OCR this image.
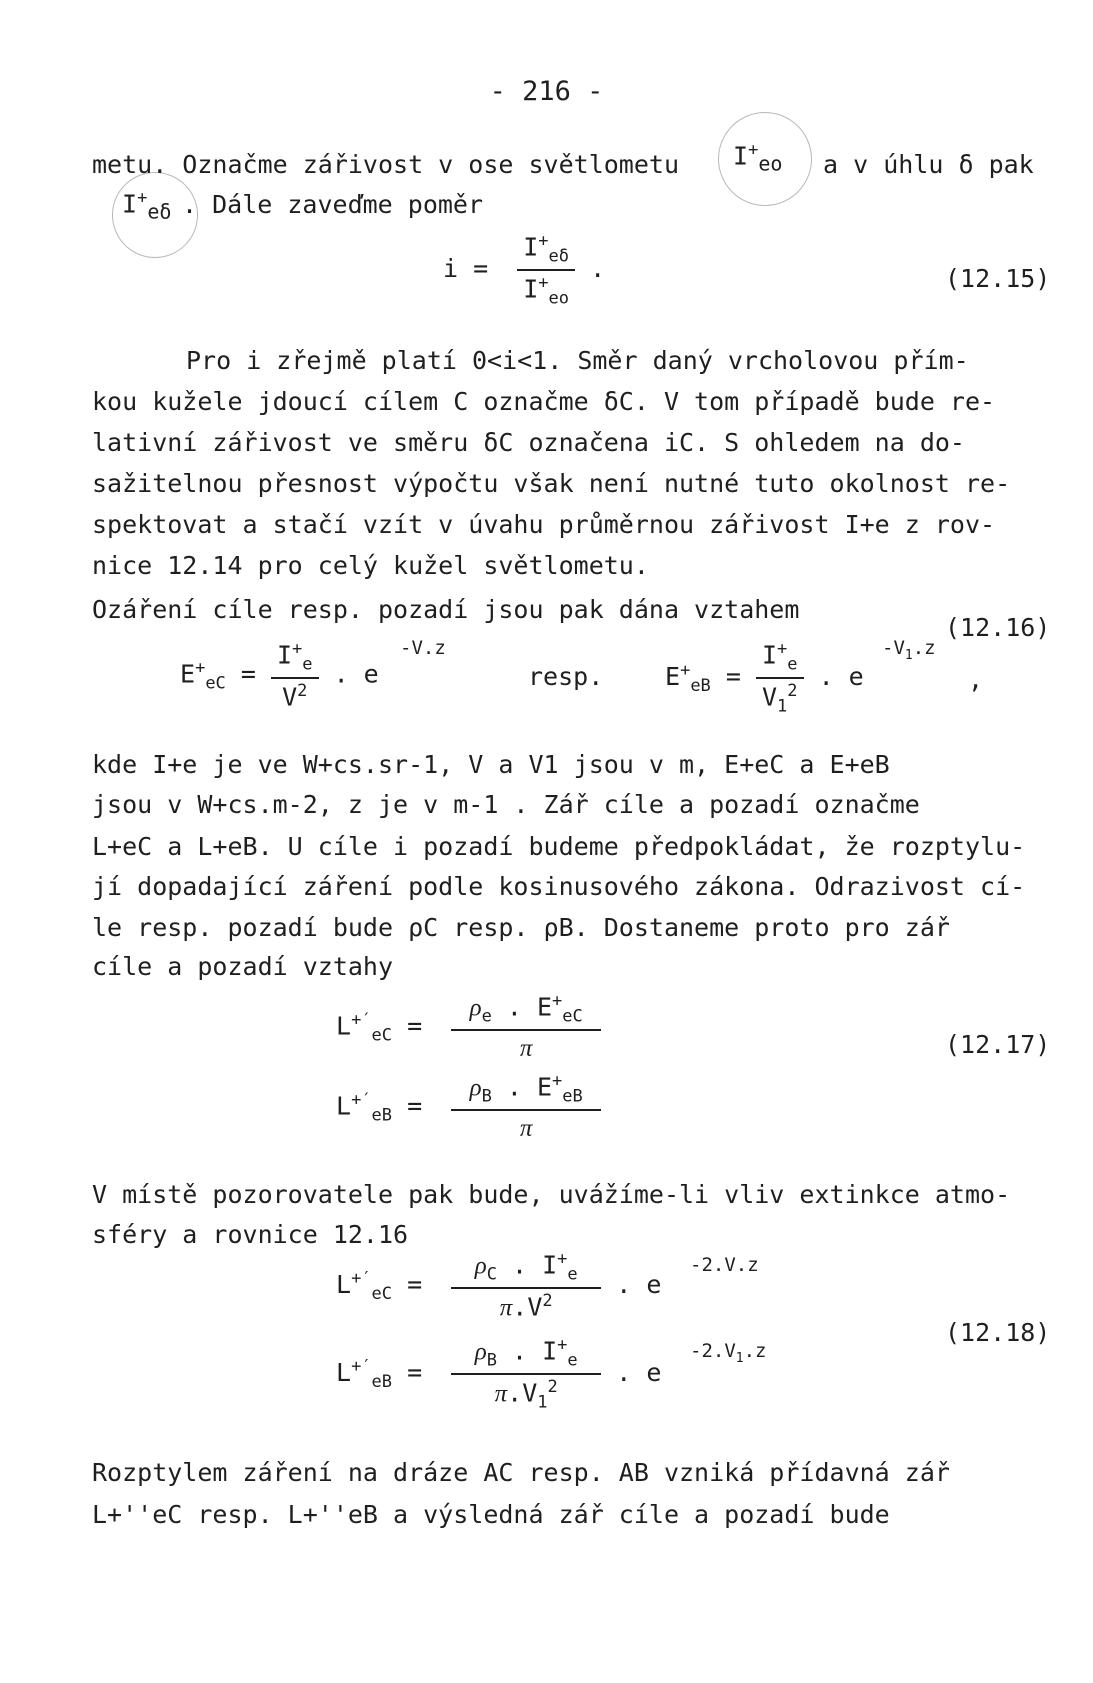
- 216 -
metu. Označme zářivost v ose světlometu $I^+_{eo}$ a v úhlu δ pak
$I^+_{e\delta}$ . Dále zaveďme poměr
$i = \frac{I^+_{e\delta}}{I^+_{eo}}$ .	(12.15)
Pro i zřejmě platí 0<i<1. Směr daný vrcholovou přím-
kou kužele jdoucí cílem C označme δC. V tom případě bude re-
lativní zářivost ve směru δC označena iC. S ohledem na do-
sažitelnou přesnost výpočtu však není nutné tuto okolnost re-
spektovat a stačí vzít v úvahu průměrnou zářivost I+e z rov-
nice 12.14 pro celý kužel světlometu.
Ozáření cíle resp. pozadí jsou pak dána vztahem
(12.16)
$E^+_{eC} = \frac{I^+_e}{V^2}$ . e
-V.z
resp. $E^+_{eB} = \frac{I^+_e}{V_1^2}$ . e
$-V_1.z$
,
kde I+e je ve W+cs.sr-1, V a V1 jsou v m, E+eC a E+eB
jsou v W+cs.m-2, z je v m-1 . Zář cíle a pozadí označme
L+eC a L+eB. U cíle i pozadí budeme předpokládat, že rozptylu-
jí dopadající záření podle kosinusového zákona. Odrazivost cí-
le resp. pozadí bude ρC resp. ρB. Dostaneme proto pro zář
cíle a pozadí vztahy
$L^{+'}_{eC} = \frac{\rho_e . E^+_{eC}}{\pi}$	(12.17)
$L^{+'}_{eB} = \frac{\rho_B . E^+_{eB}}{\pi}$
V místě pozorovatele pak bude, uvážíme-li vliv extinkce atmo-
sféry a rovnice 12.16
$L^{+'}_{eC} = \frac{\rho_C . I^+_e}{\pi.V^2}$ . e
-2.V.z
(12.18)
$L^{+'}_{eB} = \frac{\rho_B . I^+_e}{\pi.V_1^2}$ . e
$-2.V_1.z$
Rozptylem záření na dráze AC resp. AB vzniká přídavná zář
L+''eC resp. L+''eB a výsledná zář cíle a pozadí bude
